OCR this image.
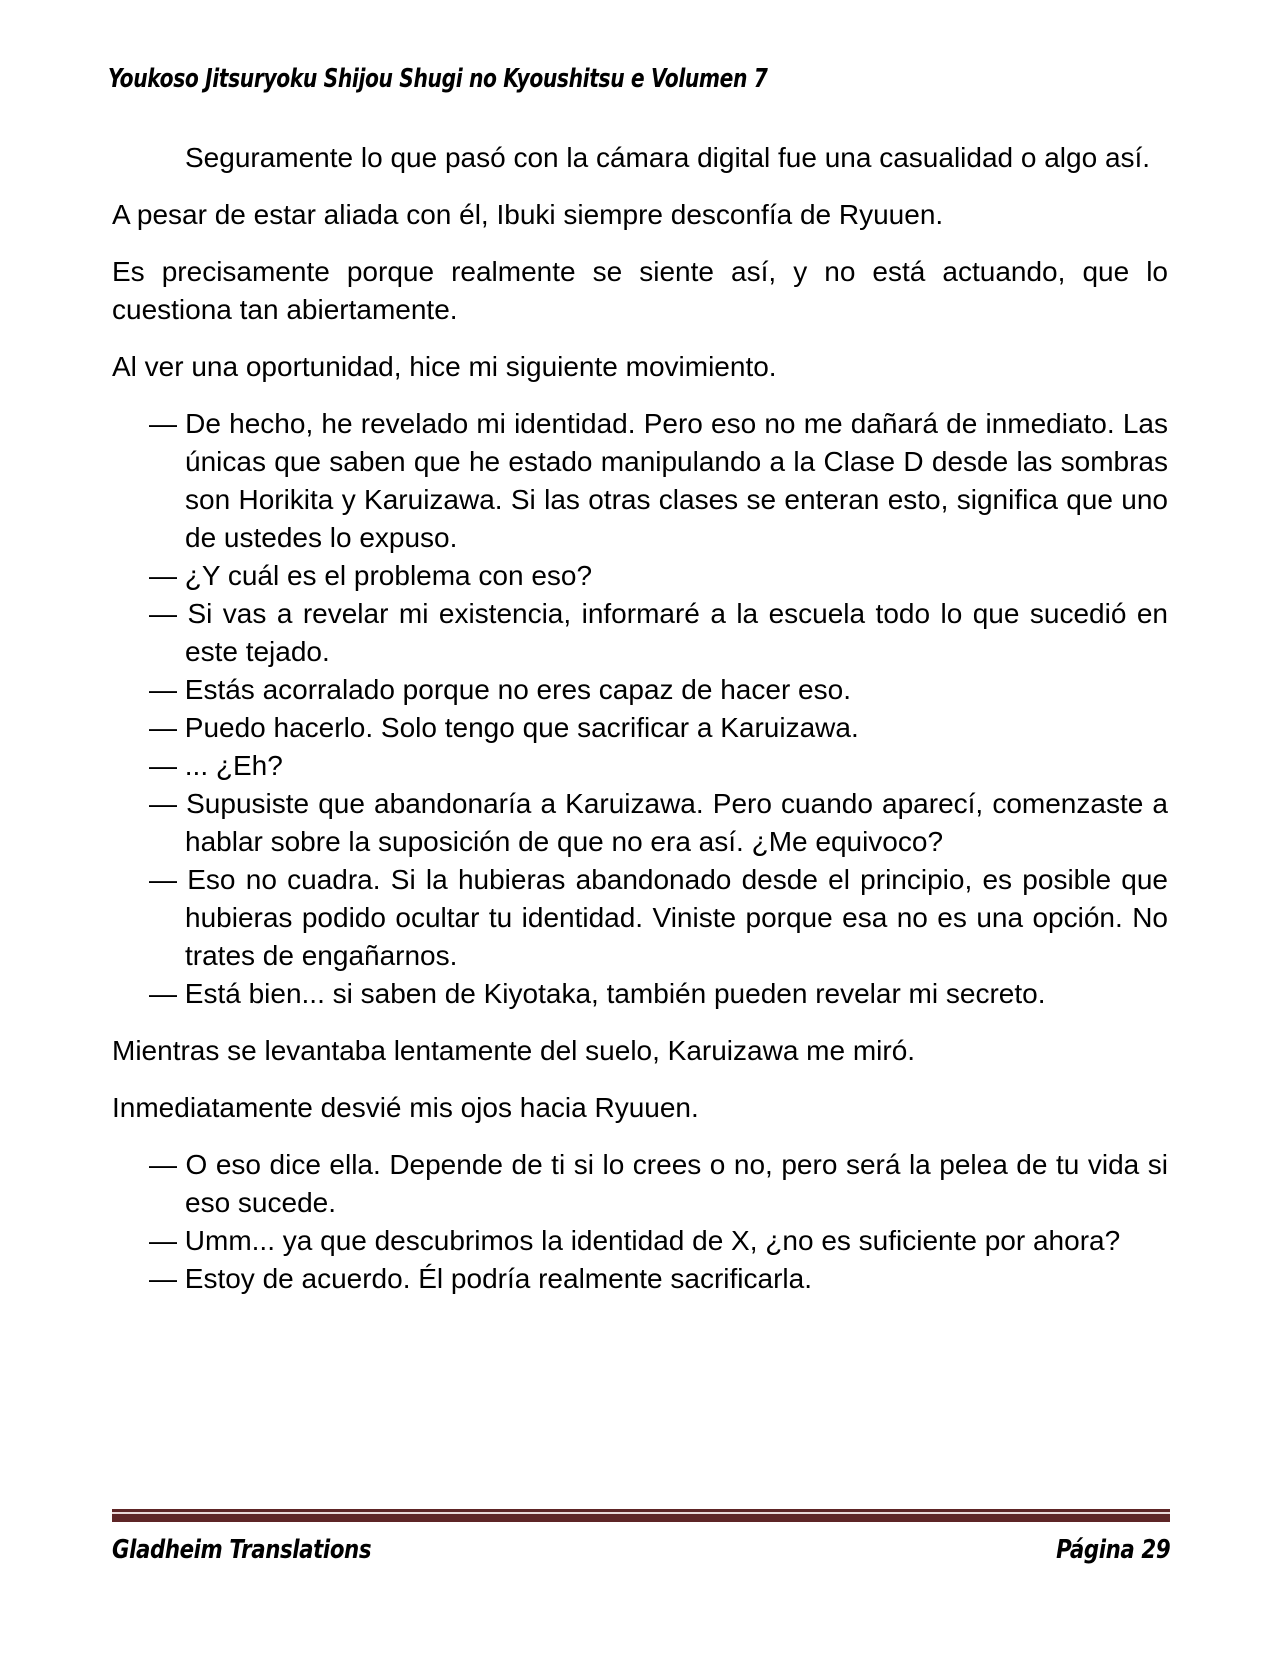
Youkoso Jitsuryoku Shijou Shugi no Kyoushitsu e Volumen 7

Seguramente lo que pasó con la cámara digital fue una casualidad o algo así.

A pesar de estar aliada con él, Ibuki siempre desconfía de Ryuuen.

Es precisamente porque realmente se siente así, y no está actuando, que lo cuestiona tan abiertamente.

Al ver una oportunidad, hice mi siguiente movimiento.

— De hecho, he revelado mi identidad. Pero eso no me dañará de inmediato. Las únicas que saben que he estado manipulando a la Clase D desde las sombras son Horikita y Karuizawa. Si las otras clases se enteran esto, significa que uno de ustedes lo expuso.

— ¿Y cuál es el problema con eso?

— Si vas a revelar mi existencia, informaré a la escuela todo lo que sucedió en este tejado.

— Estás acorralado porque no eres capaz de hacer eso.

— Puedo hacerlo. Solo tengo que sacrificar a Karuizawa.

— ... ¿Eh?

— Supusiste que abandonaría a Karuizawa. Pero cuando aparecí, comenzaste a hablar sobre la suposición de que no era así. ¿Me equivoco?

— Eso no cuadra. Si la hubieras abandonado desde el principio, es posible que hubieras podido ocultar tu identidad. Viniste porque esa no es una opción. No trates de engañarnos.

— Está bien... si saben de Kiyotaka, también pueden revelar mi secreto.

Mientras se levantaba lentamente del suelo, Karuizawa me miró.

Inmediatamente desvié mis ojos hacia Ryuuen.

— O eso dice ella. Depende de ti si lo crees o no, pero será la pelea de tu vida si eso sucede.

— Umm... ya que descubrimos la identidad de X, ¿no es suficiente por ahora?

— Estoy de acuerdo. Él podría realmente sacrificarla.

Gladheim Translations	Página 29
